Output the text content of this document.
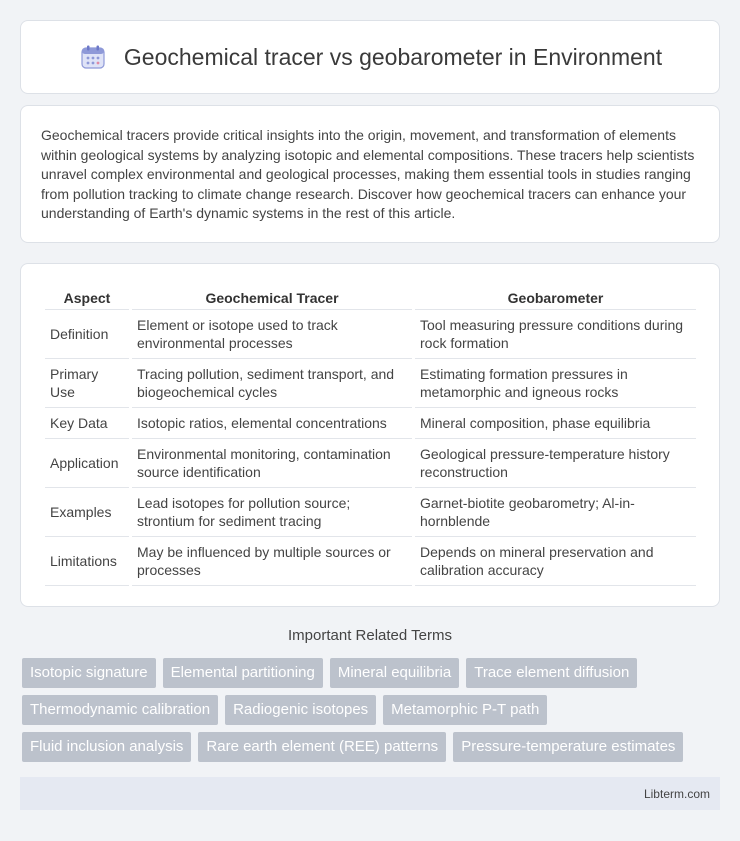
Geochemical tracer vs geobarometer in Environment

Geochemical tracers provide critical insights into the origin, movement, and transformation of elements within geological systems by analyzing isotopic and elemental compositions. These tracers help scientists unravel complex environmental and geological processes, making them essential tools in studies ranging from pollution tracking to climate change research. Discover how geochemical tracers can enhance your understanding of Earth's dynamic systems in the rest of this article.

Aspect	Geochemical Tracer	Geobarometer
Definition	Element or isotope used to track environmental processes	Tool measuring pressure conditions during rock formation
Primary Use	Tracing pollution, sediment transport, and biogeochemical cycles	Estimating formation pressures in metamorphic and igneous rocks
Key Data	Isotopic ratios, elemental concentrations	Mineral composition, phase equilibria
Application	Environmental monitoring, contamination source identification	Geological pressure-temperature history reconstruction
Examples	Lead isotopes for pollution source; strontium for sediment tracing	Garnet-biotite geobarometry; Al-in-hornblende
Limitations	May be influenced by multiple sources or processes	Depends on mineral preservation and calibration accuracy
Important Related Terms
Isotopic signature	Elemental partitioning	Mineral equilibria	Trace element diffusion
Thermodynamic calibration	Radiogenic isotopes	Metamorphic P-T path
Fluid inclusion analysis	Rare earth element (REE) patterns	Pressure-temperature estimates
Libterm.com
